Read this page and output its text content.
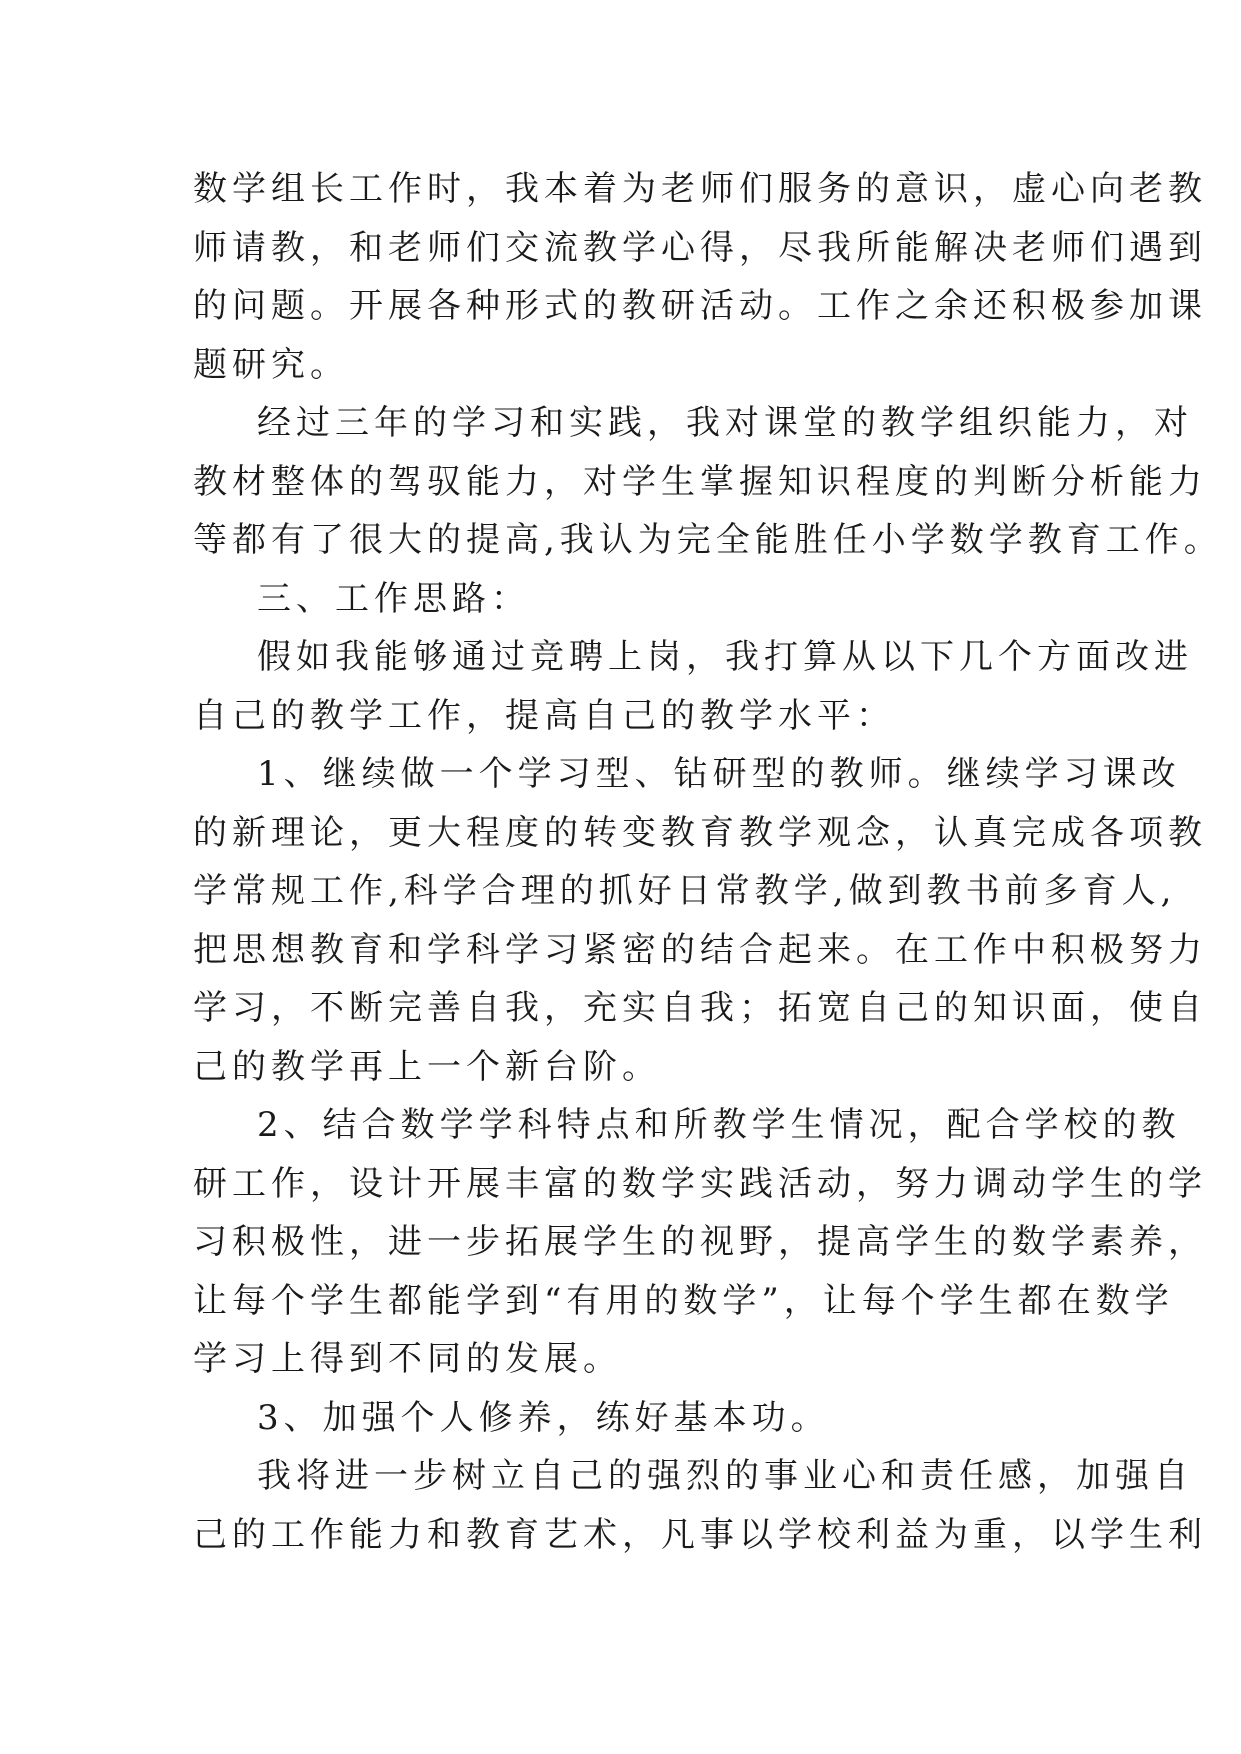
数学组长工作时，我本着为老师们服务的意识，虚心向老教
师请教，和老师们交流教学心得，尽我所能解决老师们遇到
的问题。开展各种形式的教研活动。工作之余还积极参加课
题研究。
经过三年的学习和实践，我对课堂的教学组织能力，对
教材整体的驾驭能力，对学生掌握知识程度的判断分析能力
等都有了很大的提高,我认为完全能胜任小学数学教育工作。
三、工作思路：
假如我能够通过竞聘上岗，我打算从以下几个方面改进
自己的教学工作，提高自己的教学水平：
1、继续做一个学习型、钻研型的教师。继续学习课改
的新理论，更大程度的转变教育教学观念，认真完成各项教
学常规工作,科学合理的抓好日常教学,做到教书前多育人,
把思想教育和学科学习紧密的结合起来。在工作中积极努力
学习，不断完善自我，充实自我；拓宽自己的知识面，使自
己的教学再上一个新台阶。
2、结合数学学科特点和所教学生情况，配合学校的教
研工作，设计开展丰富的数学实践活动，努力调动学生的学
习积极性，进一步拓展学生的视野，提高学生的数学素养，
让每个学生都能学到“有用的数学”，让每个学生都在数学
学习上得到不同的发展。
3、加强个人修养，练好基本功。
我将进一步树立自己的强烈的事业心和责任感，加强自
己的工作能力和教育艺术，凡事以学校利益为重，以学生利
